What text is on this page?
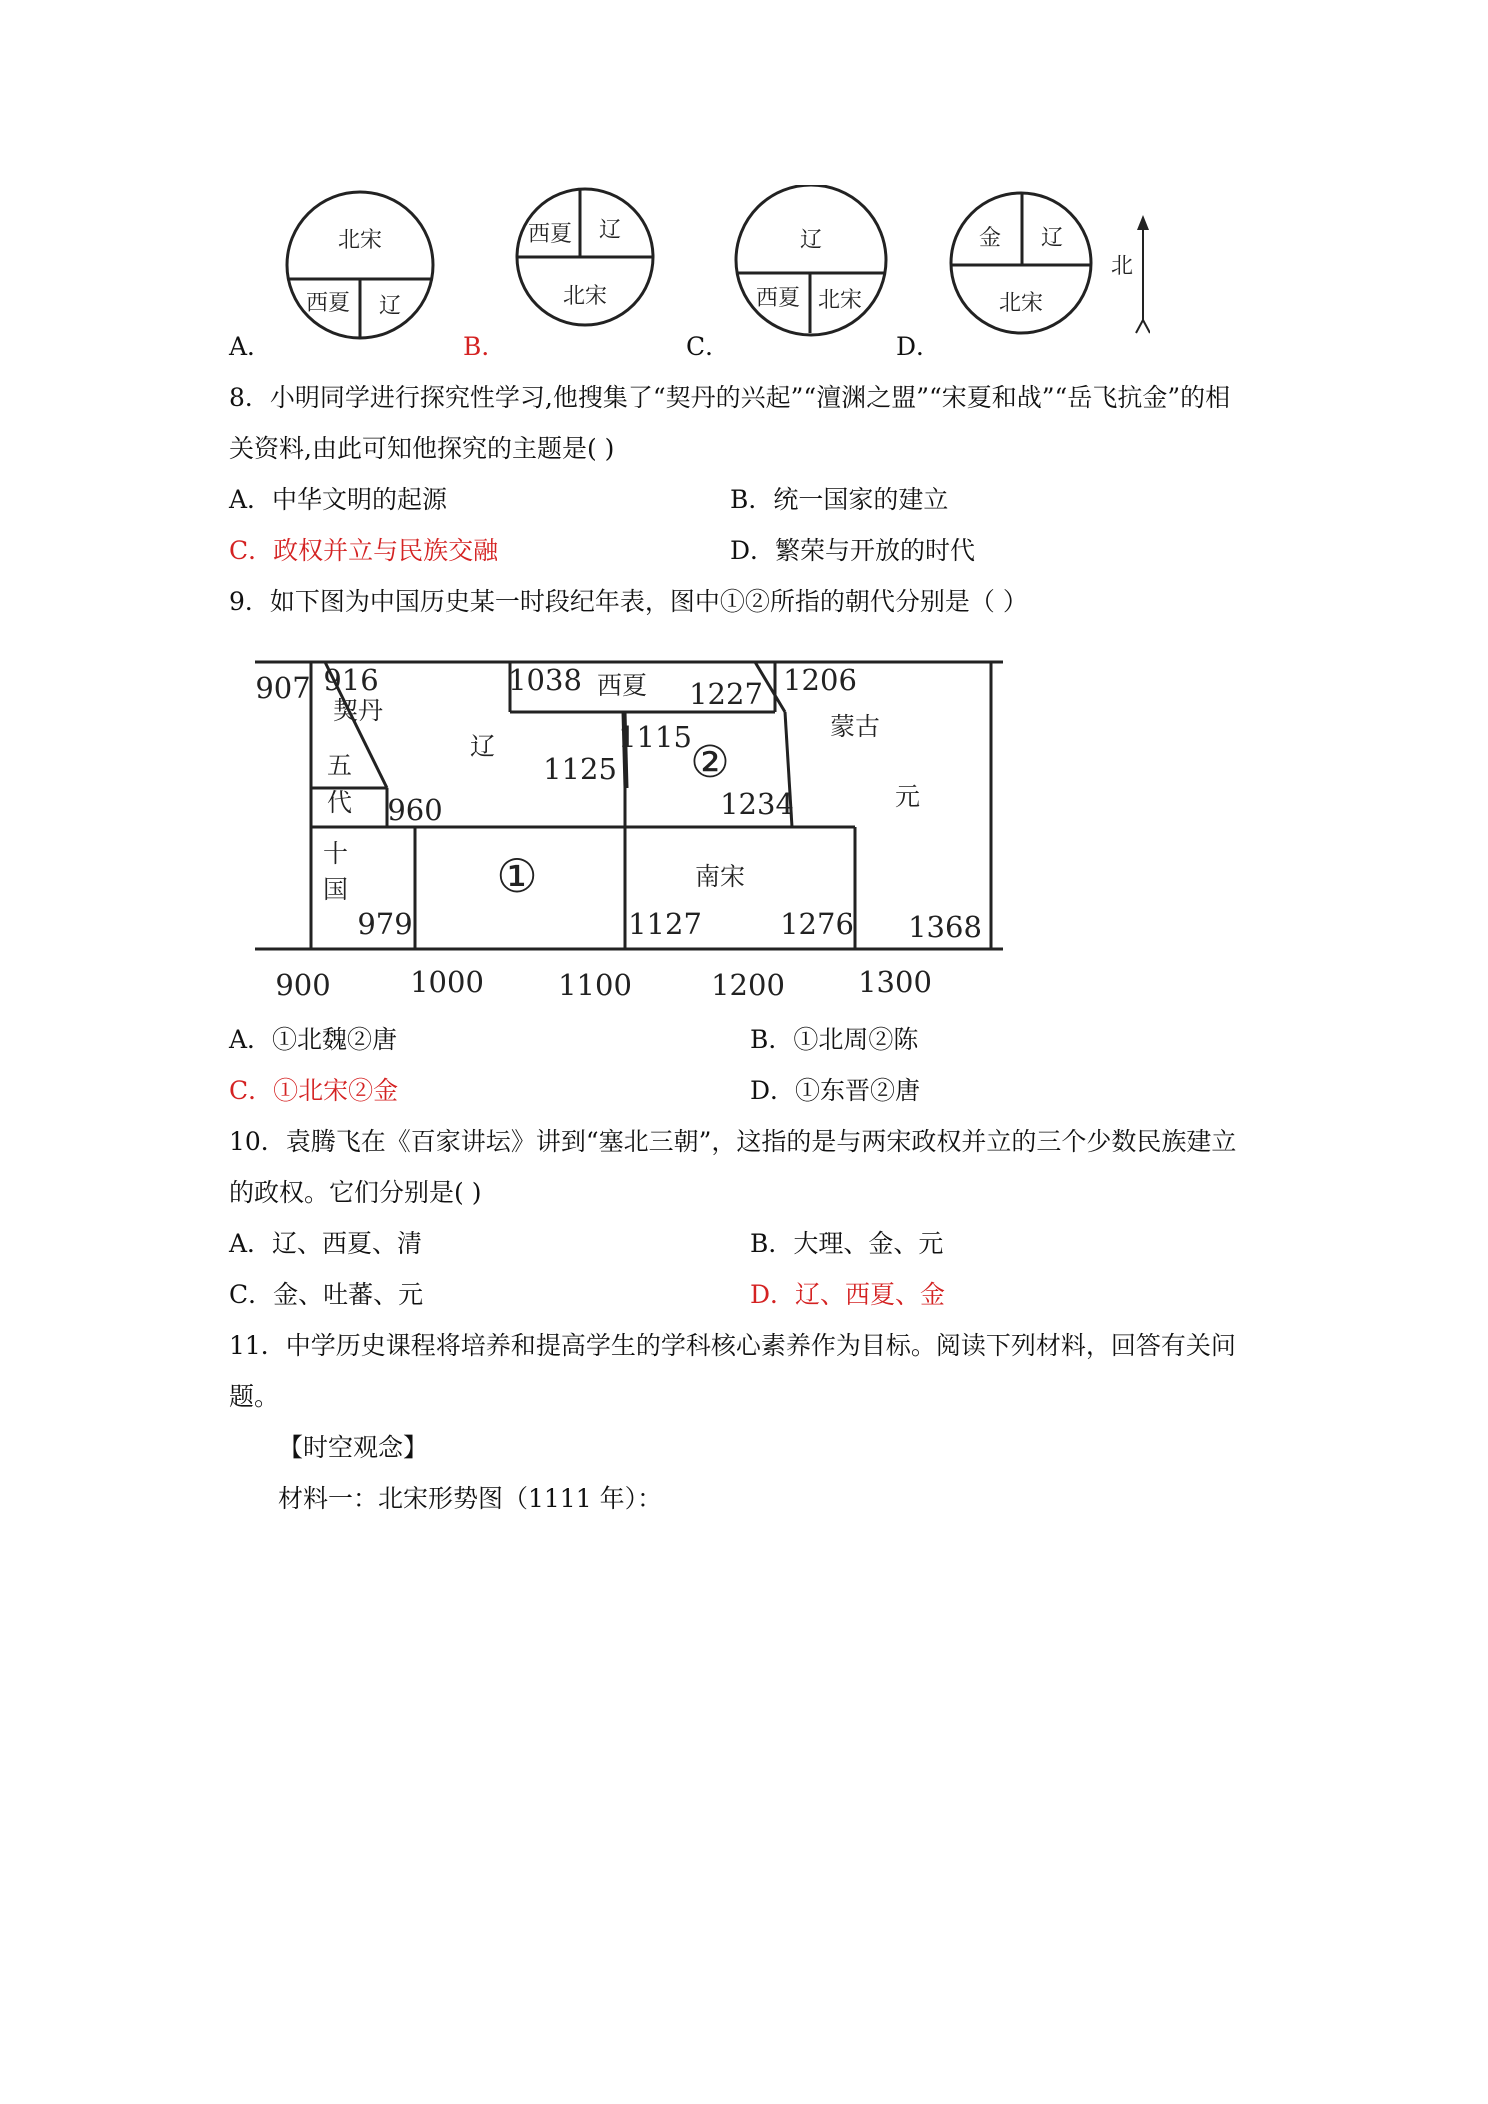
北宋
西夏 辽
西夏 辽
北宋
辽
西夏 北宋
金 辽
北宋
北
A．	B．	C．	D．
8．小明同学进行探究性学习,他搜集了“契丹的兴起”“澶渊之盟”“宋夏和战”“岳飞抗金”的相
关资料,由此可知他探究的主题是( )
A．中华文明的起源	B．统一国家的建立
C．政权并立与民族交融	D．繁荣与开放的时代
9．如下图为中国历史某一时段纪年表，图中①②所指的朝代分别是（ ）
契丹
辽
西夏
蒙古
元
五
代
十
国	南宋
①
②
907 916
960
979
1038	1227 1206
1115
1125
1234
1127	1276 1368
900	1000	1100	1200	1300
A．①北魏②唐	B．①北周②陈
C．①北宋②金	D．①东晋②唐
10．袁腾飞在《百家讲坛》讲到“塞北三朝”，这指的是与两宋政权并立的三个少数民族建立
的政权。它们分别是( )
A．辽、西夏、清	B．大理、金、元
C．金、吐蕃、元	D．辽、西夏、金
11．中学历史课程将培养和提高学生的学科核心素养作为目标。阅读下列材料，回答有关问
题。
【时空观念】
材料一：北宋形势图（1111 年）：
